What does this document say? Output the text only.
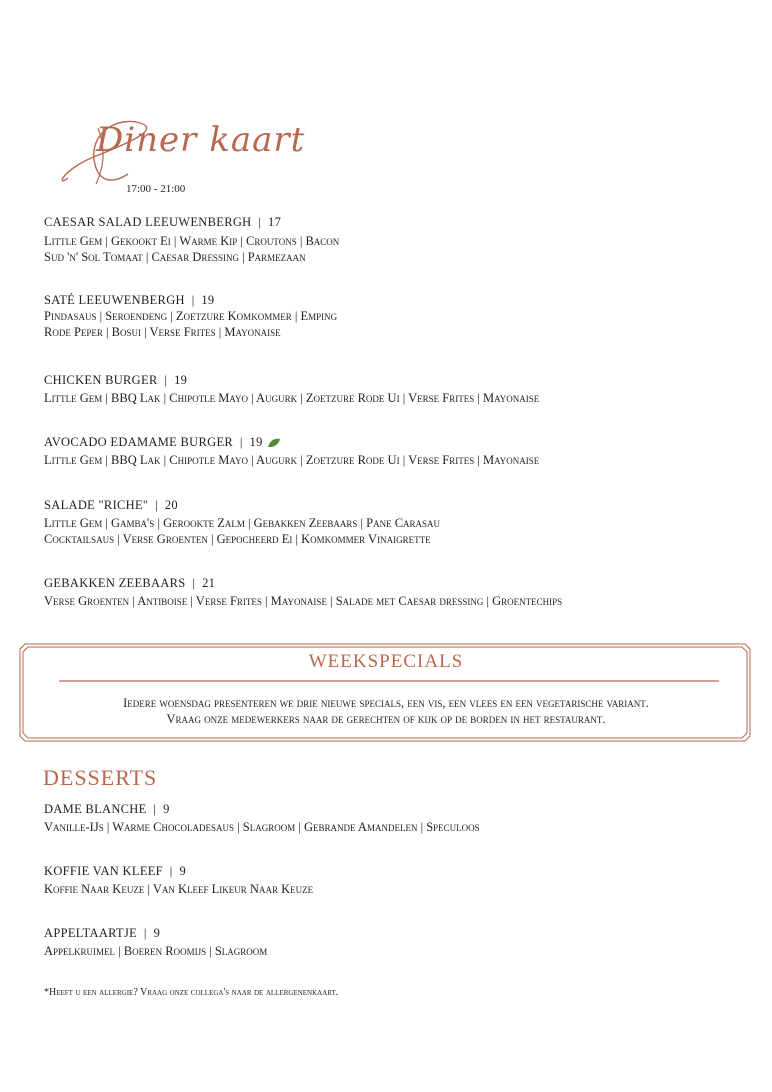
Diner kaart
17:00 - 21:00
CAESAR SALAD LEEUWENBERGH  |  17
Little Gem | Gekookt Ei | Warme Kip | Croutons | Bacon
Sud 'n' Sol Tomaat | Caesar Dressing | Parmezaan
SATÉ LEEUWENBERGH  |  19
Pindasaus | Seroendeng | Zoetzure Komkommer | Emping
Rode Peper | Bosui | Verse Frites | Mayonaise
CHICKEN BURGER  |  19
Little Gem | BBQ Lak | Chipotle Mayo | Augurk | Zoetzure Rode Ui | Verse Frites | Mayonaise
AVOCADO EDAMAME BURGER  |  19
Little Gem | BBQ Lak | Chipotle Mayo | Augurk | Zoetzure Rode Ui | Verse Frites | Mayonaise
SALADE "RICHE"  |  20
Little Gem | Gamba's | Gerookte Zalm | Gebakken Zeebaars | Pane Carasau
Cocktailsaus | Verse Groenten | Gepocheerd Ei | Komkommer Vinaigrette
GEBAKKEN ZEEBAARS  |  21
Verse Groenten | Antiboise | Verse Frites | Mayonaise | Salade met Caesar dressing | Groentechips
WEEKSPECIALS
Iedere woensdag presenteren we drie nieuwe specials, een vis, een vlees en een vegetarische variant.
Vraag onze medewerkers naar de gerechten of kijk op de borden in het restaurant.
DESSERTS
DAME BLANCHE  |  9
Vanille-IJs | Warme Chocoladesaus | Slagroom | Gebrande Amandelen | Speculoos
KOFFIE VAN KLEEF  |  9
Koffie Naar Keuze | Van Kleef Likeur Naar Keuze
APPELTAARTJE  |  9
Appelkruimel | Boeren Roomijs | Slagroom
*Heeft u een allergie? Vraag onze collega's naar de allergenenkaart.
